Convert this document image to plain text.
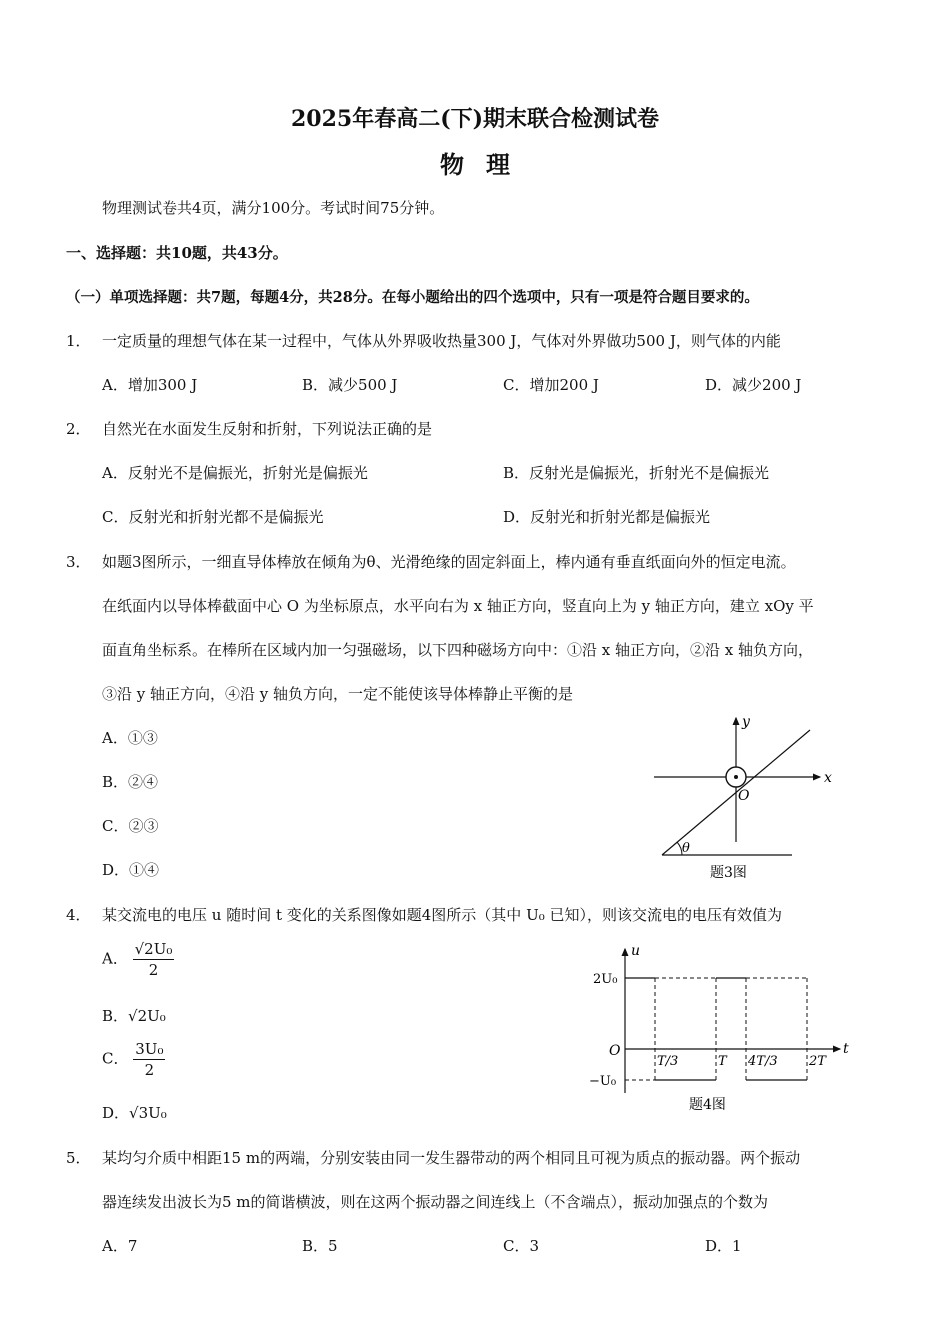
2025年春高二(下)期末联合检测试卷
物理
物理测试卷共4页，满分100分。考试时间75分钟。
一、选择题：共10题，共43分。
（一）单项选择题：共7题，每题4分，共28分。在每小题给出的四个选项中，只有一项是符合题目要求的。
1． 一定质量的理想气体在某一过程中，气体从外界吸收热量300 J，气体对外界做功500 J，则气体的内能
A．增加300 J	B．减少500 J	C．增加200 J	D．减少200 J
2． 自然光在水面发生反射和折射，下列说法正确的是
A．反射光不是偏振光，折射光是偏振光	B．反射光是偏振光，折射光不是偏振光
C．反射光和折射光都不是偏振光	D．反射光和折射光都是偏振光
3． 如题3图所示，一细直导体棒放在倾角为θ、光滑绝缘的固定斜面上，棒内通有垂直纸面向外的恒定电流。
在纸面内以导体棒截面中心 O 为坐标原点，水平向右为 x 轴正方向，竖直向上为 y 轴正方向，建立 xOy 平
面直角坐标系。在棒所在区域内加一匀强磁场，以下四种磁场方向中：①沿 x 轴正方向，②沿 x 轴负方向，
③沿 y 轴正方向，④沿 y 轴负方向，一定不能使该导体棒静止平衡的是
A．①③
B．②④
C．②③
D．①④
x
y
O
θ
题3图
4． 某交流电的电压 u 随时间 t 变化的关系图像如题4图所示（其中 U₀ 已知），则该交流电的电压有效值为
A． $\frac{\text{√2U₀}}{2}$
B．√2U₀
C． $\frac{\text{3U₀}}{2}$
D．√3U₀
u
t
O
2U₀
−U₀
T/3	T 4T/3 2T
题4图
5． 某均匀介质中相距15 m的两端，分别安装由同一发生器带动的两个相同且可视为质点的振动器。两个振动
器连续发出波长为5 m的简谐横波，则在这两个振动器之间连线上（不含端点），振动加强点的个数为
A．7	B．5	C．3	D．1
